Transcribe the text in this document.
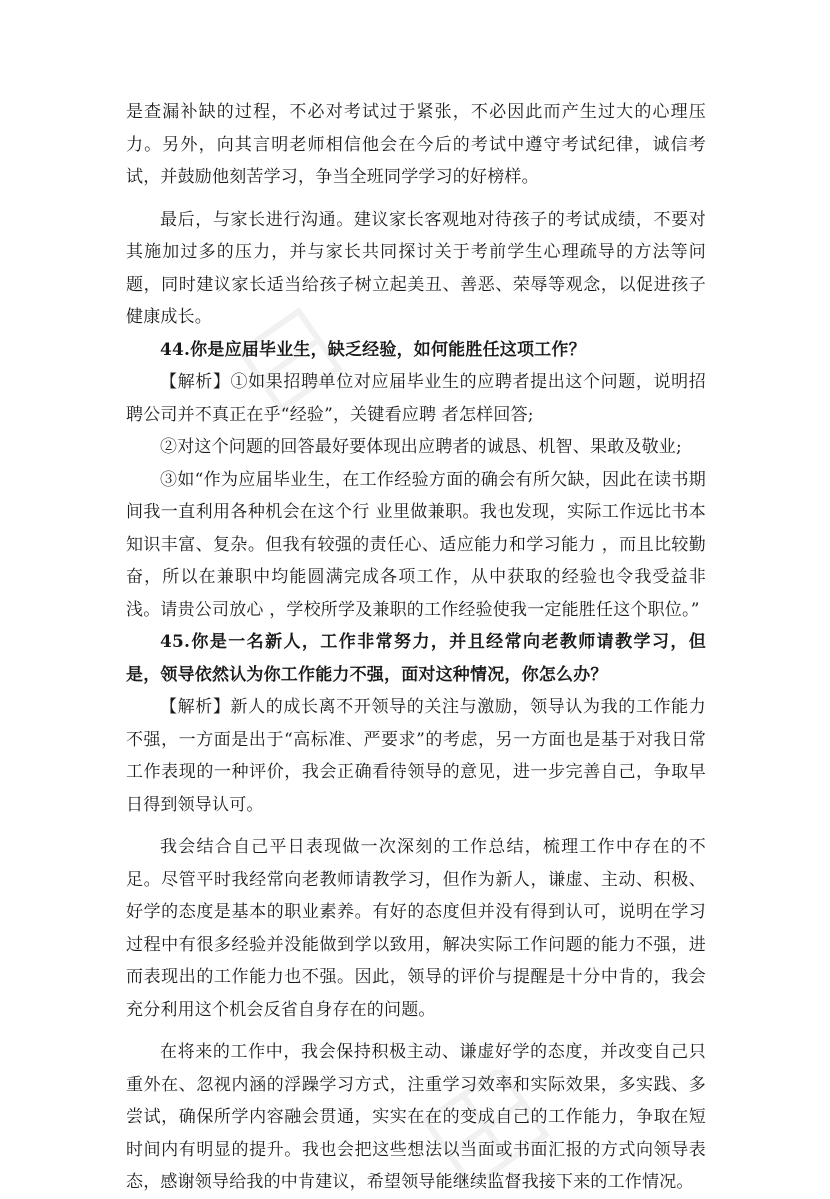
是查漏补缺的过程，不必对考试过于紧张，不必因此而产生过大的心理压力。另外，向其言明老师相信他会在今后的考试中遵守考试纪律，诚信考试，并鼓励他刻苦学习，争当全班同学学习的好榜样。

最后，与家长进行沟通。建议家长客观地对待孩子的考试成绩，不要对其施加过多的压力，并与家长共同探讨关于考前学生心理疏导的方法等问题，同时建议家长适当给孩子树立起美丑、善恶、荣辱等观念，以促进孩子健康成长。

44.你是应届毕业生，缺乏经验，如何能胜任这项工作？

【解析】①如果招聘单位对应届毕业生的应聘者提出这个问题，说明招聘公司并不真正在乎“经验”，关键看应聘 者怎样回答;

②对这个问题的回答最好要体现出应聘者的诚恳、机智、果敢及敬业;

③如“作为应届毕业生，在工作经验方面的确会有所欠缺，因此在读书期间我一直利用各种机会在这个行 业里做兼职。我也发现，实际工作远比书本知识丰富、复杂。但我有较强的责任心、适应能力和学习能力 ，而且比较勤奋，所以在兼职中均能圆满完成各项工作，从中获取的经验也令我受益非浅。请贵公司放心 ，学校所学及兼职的工作经验使我一定能胜任这个职位。”

45.你是一名新人，工作非常努力，并且经常向老教师请教学习，但是，领导依然认为你工作能力不强，面对这种情况，你怎么办？

【解析】新人的成长离不开领导的关注与激励，领导认为我的工作能力不强，一方面是出于“高标准、严要求”的考虑，另一方面也是基于对我日常工作表现的一种评价，我会正确看待领导的意见，进一步完善自己，争取早日得到领导认可。

我会结合自己平日表现做一次深刻的工作总结，梳理工作中存在的不足。尽管平时我经常向老教师请教学习，但作为新人，谦虚、主动、积极、好学的态度是基本的职业素养。有好的态度但并没有得到认可，说明在学习过程中有很多经验并没能做到学以致用，解决实际工作问题的能力不强，进而表现出的工作能力也不强。因此，领导的评价与提醒是十分中肯的，我会充分利用这个机会反省自身存在的问题。

在将来的工作中，我会保持积极主动、谦虚好学的态度，并改变自己只重外在、忽视内涵的浮躁学习方式，注重学习效率和实际效果，多实践、多尝试，确保所学内容融会贯通，实实在在的变成自己的工作能力，争取在短时间内有明显的提升。我也会把这些想法以当面或书面汇报的方式向领导表态，感谢领导给我的中肯建议，希望领导能继续监督我接下来的工作情况。
